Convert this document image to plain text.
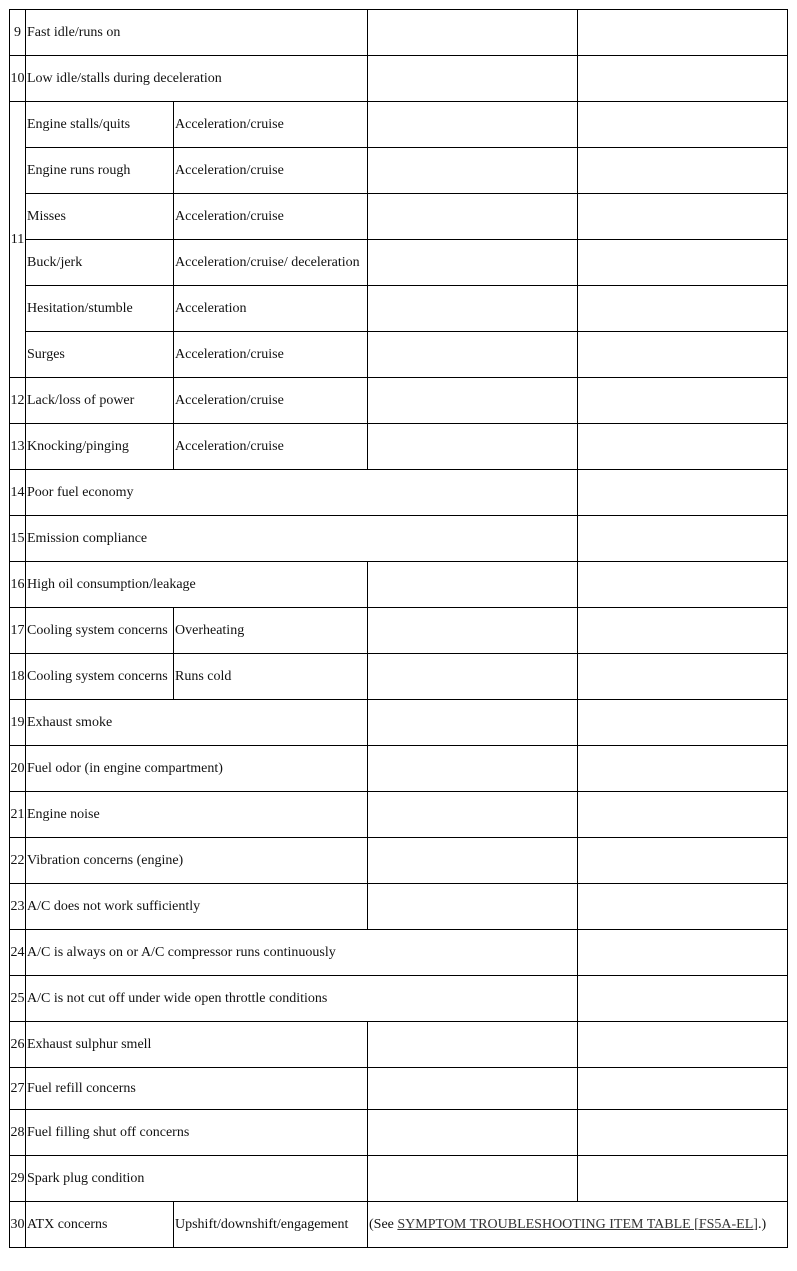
9	Fast idle/runs on			
10	Low idle/stalls during deceleration			
11	Engine stalls/quits	Acceleration/cruise		
	Engine runs rough	Acceleration/cruise		
	Misses	Acceleration/cruise		
	Buck/jerk	Acceleration/cruise/ deceleration		
	Hesitation/stumble	Acceleration		
	Surges	Acceleration/cruise		
12	Lack/loss of power	Acceleration/cruise		
13	Knocking/pinging	Acceleration/cruise		
14	Poor fuel economy			
15	Emission compliance			
16	High oil consumption/leakage			
17	Cooling system concerns	Overheating		
18	Cooling system concerns	Runs cold		
19	Exhaust smoke			
20	Fuel odor (in engine compartment)			
21	Engine noise			
22	Vibration concerns (engine)			
23	A/C does not work sufficiently			
24	A/C is always on or A/C compressor runs continuously			
25	A/C is not cut off under wide open throttle conditions			
26	Exhaust sulphur smell			
27	Fuel refill concerns			
28	Fuel filling shut off concerns			
29	Spark plug condition			
30	ATX concerns	Upshift/downshift/engagement	(See SYMPTOM TROUBLESHOOTING ITEM TABLE [FS5A-EL].)	
